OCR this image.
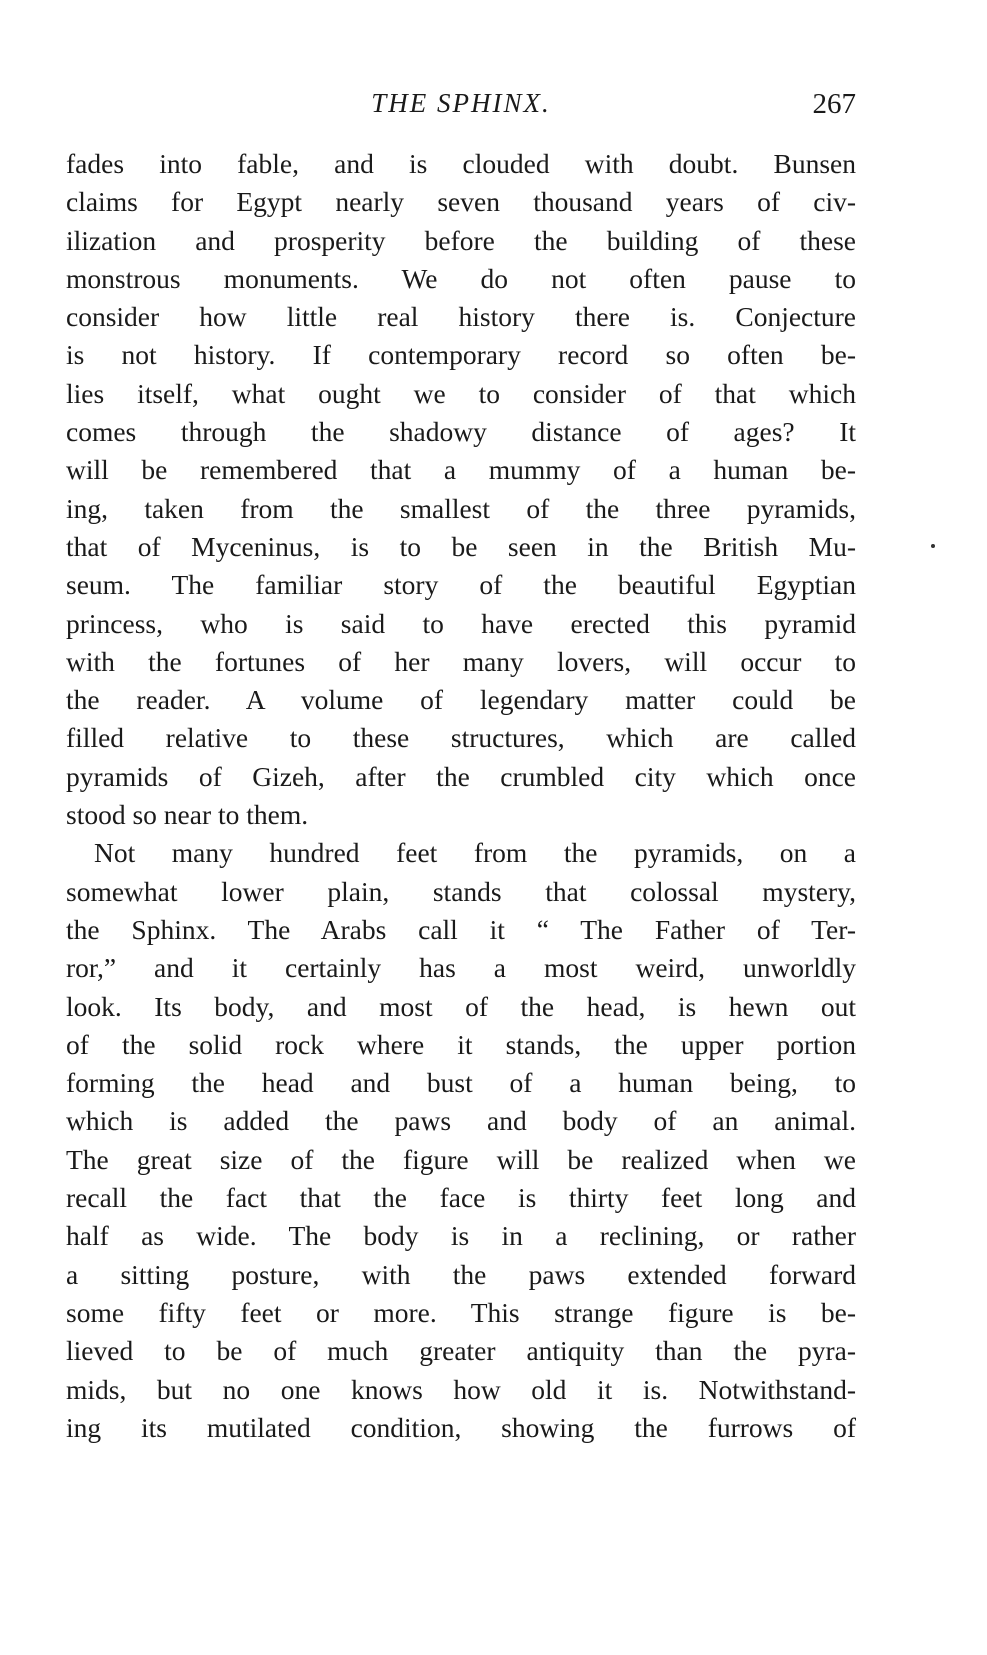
THE SPHINX.	267
fades into fable, and is clouded with doubt. Bunsen
claims for Egypt nearly seven thousand years of civ-
ilization and prosperity before the building of these
monstrous monuments. We do not often pause to
consider how little real history there is. Conjecture
is not history. If contemporary record so often be-
lies itself, what ought we to consider of that which
comes through the shadowy distance of ages? It
will be remembered that a mummy of a human be-
ing, taken from the smallest of the three pyramids,
that of Myceninus, is to be seen in the British Mu-
seum. The familiar story of the beautiful Egyptian
princess, who is said to have erected this pyramid
with the fortunes of her many lovers, will occur to
the reader. A volume of legendary matter could be
filled relative to these structures, which are called
pyramids of Gizeh, after the crumbled city which once
stood so near to them.
Not many hundred feet from the pyramids, on a
somewhat lower plain, stands that colossal mystery,
the Sphinx. The Arabs call it “ The Father of Ter-
ror,” and it certainly has a most weird, unworldly
look. Its body, and most of the head, is hewn out
of the solid rock where it stands, the upper portion
forming the head and bust of a human being, to
which is added the paws and body of an animal.
The great size of the figure will be realized when we
recall the fact that the face is thirty feet long and
half as wide. The body is in a reclining, or rather
a sitting posture, with the paws extended forward
some fifty feet or more. This strange figure is be-
lieved to be of much greater antiquity than the pyra-
mids, but no one knows how old it is. Notwithstand-
ing its mutilated condition, showing the furrows of
